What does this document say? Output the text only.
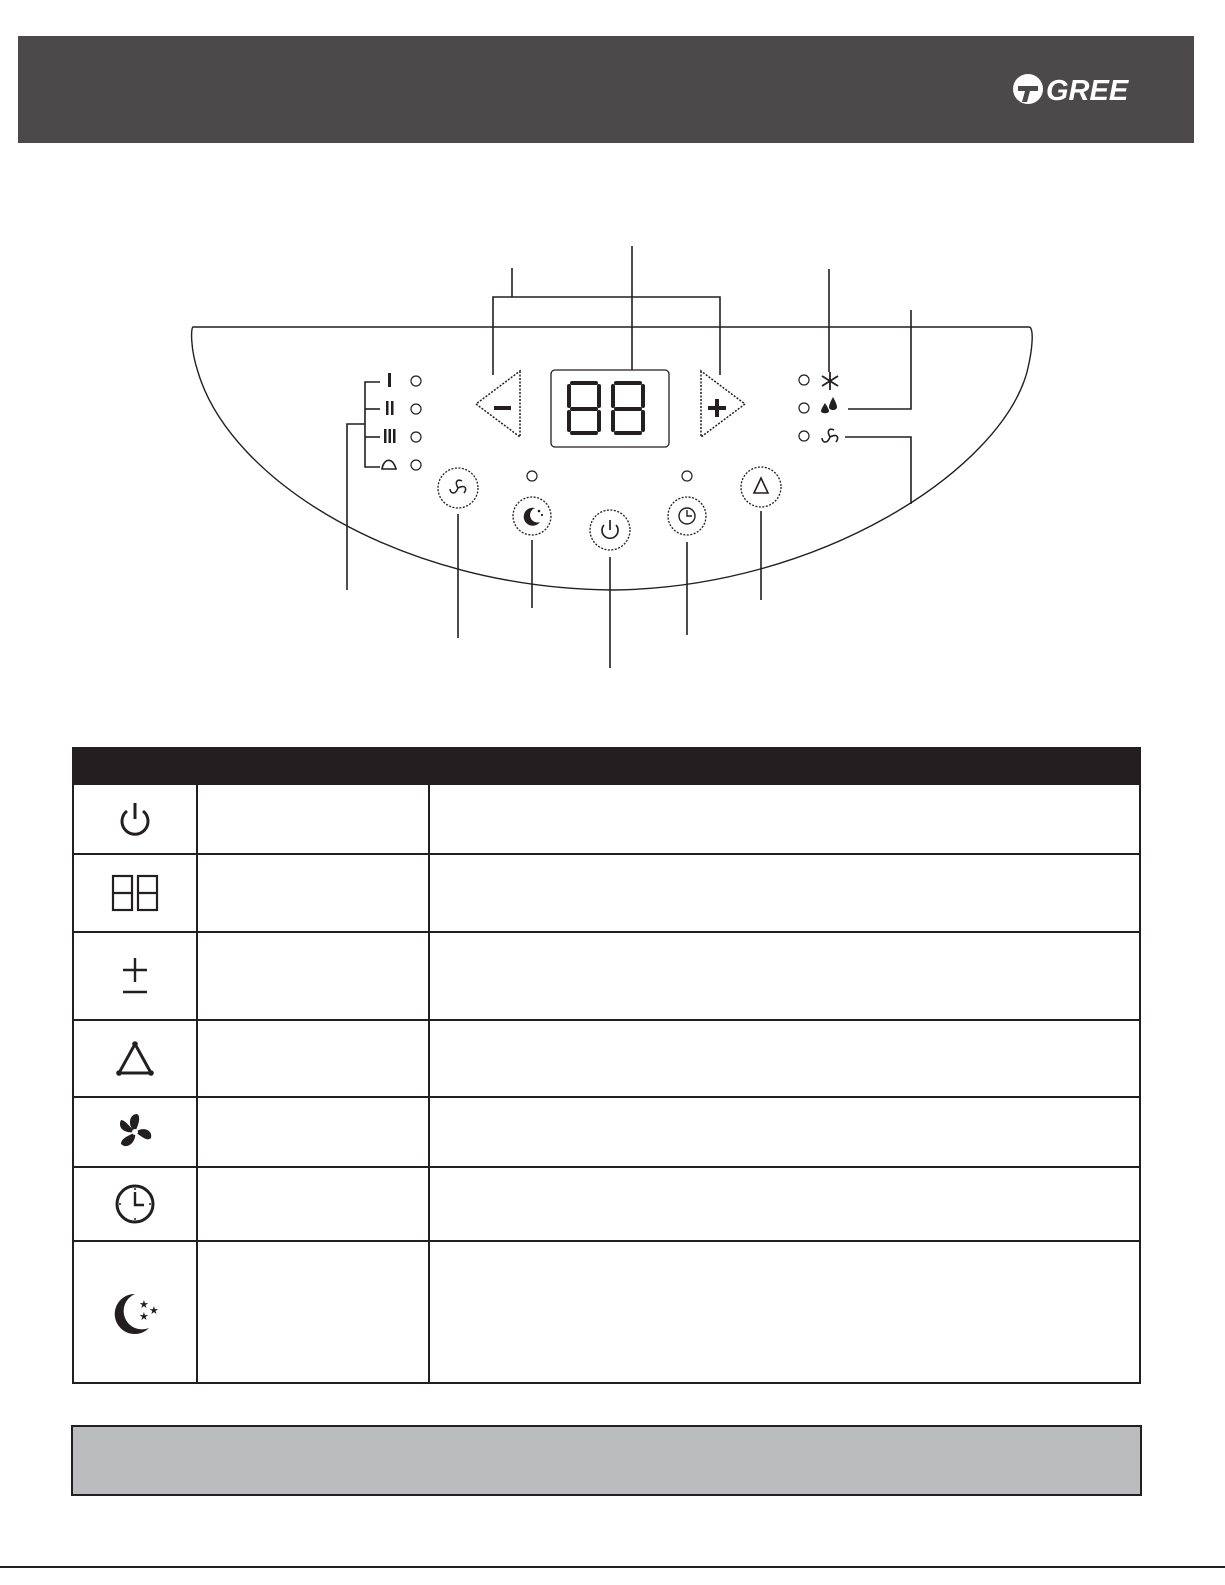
GREE

★ ★
★		
